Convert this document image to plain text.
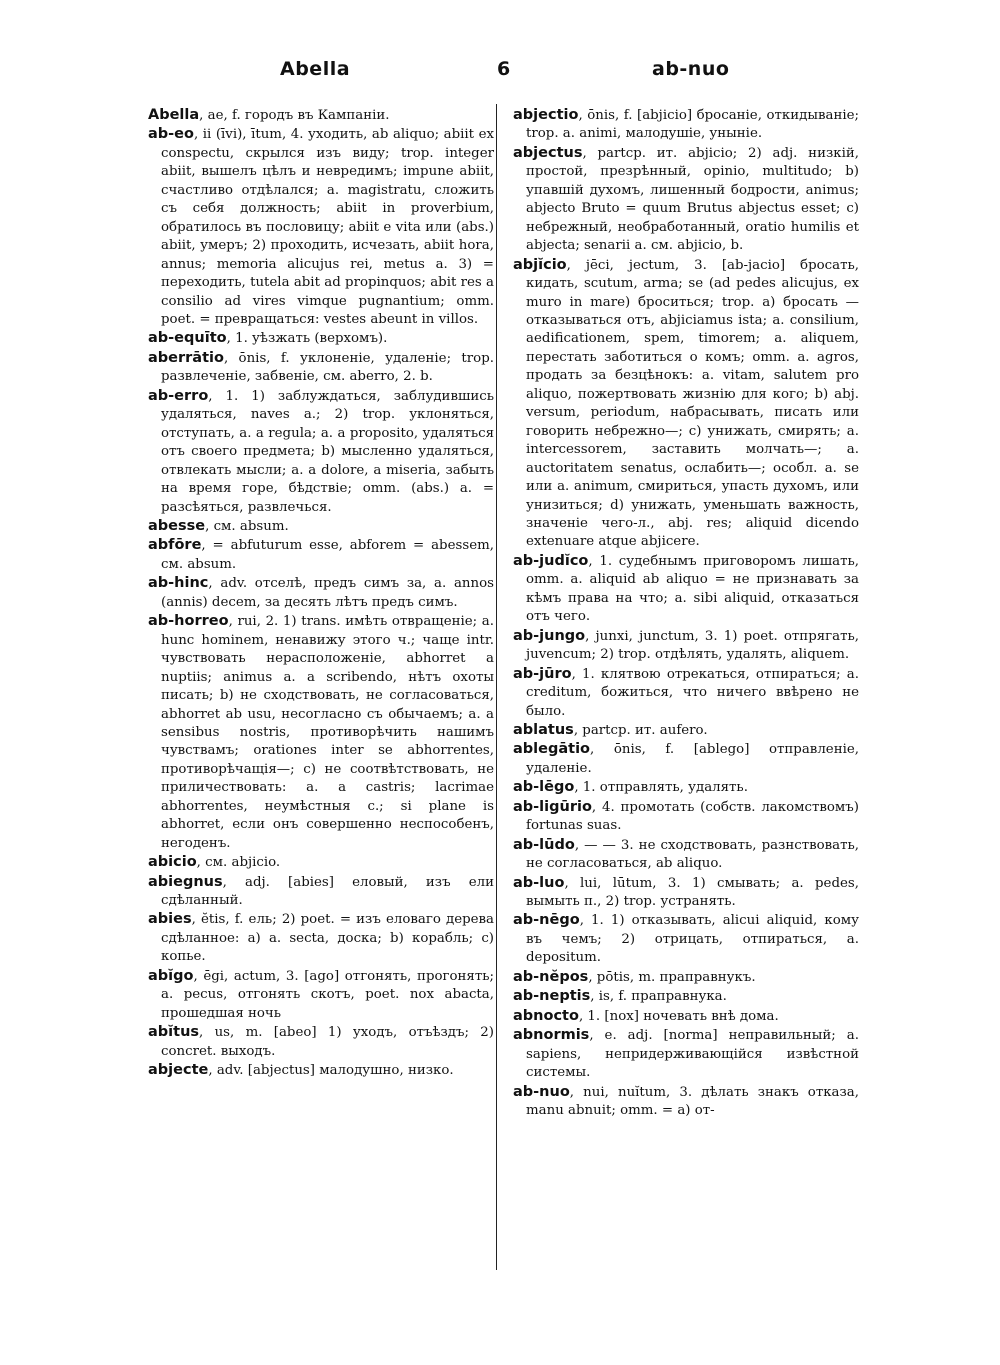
Abella	6	ab-nuo

Abella, ae, f. городъ въ Кампаніи.

ab-eo, ii (īvi), ītum, 4. уходить, ab aliquo; abiit ex conspectu, скрылся изъ виду; trop. integer abiit, вышелъ цѣлъ и невредимъ; impune abiit, счастливо отдѣлался; a. magistratu, сложить съ себя должность; abiit in proverbium, обратилось въ пословицу; abiit e vita или (abs.) abiit, умеръ; 2) проходить, исчезать, abiit hora, annus; memoria alicujus rei, metus a. 3) = переходить, tutela abit ad propinquos; abit res a consilio ad vires vimque pugnantium; omm. poet. = превращаться: vestes abeunt in villos.

ab-equīto, 1. уѣзжать (верхомъ).

aberrātio, ōnis, f. уклоненіе, удаленіе; trop. развлеченіе, забвеніе, см. aberro, 2. b.

ab-erro, 1. 1) заблуждаться, заблудившись удаляться, naves a.; 2) trop. уклоняться, отступать, a. a regula; a. a proposito, удаляться отъ своего предмета; b) мысленно удаляться, отвлекать мысли; a. a dolore, a miseria, забыть на время горе, бѣдствіе; omm. (abs.) a. = разсѣяться, развлечься.

abesse, см. absum.

abfōre, = abfuturum esse, abforem = abessem, см. absum.

ab-hinc, adv. отселѣ, предъ симъ за, a. annos (annis) decem, за десять лѣтъ предъ симъ.

ab-horreo, rui, 2. 1) trans. имѣть отвращеніе; a. hunc hominem, ненавижу этого ч.; чаще intr. чувствовать нерасположеніе, abhorret a nuptiis; animus a. a scribendo, нѣтъ охоты писать; b) не сходствовать, не согласоваться, abhorret ab usu, несогласно съ обычаемъ; a. a sensibus nostris, противорѣчить нашимъ чувствамъ; orationes inter se abhorrentes, противорѣчащія—; c) не соотвѣтствовать, не приличествовать: a. a castris; lacrimae abhorrentes, неумѣстныя с.; si plane is abhorret, если онъ совершенно неспособенъ, негоденъ.

abicio, см. abjicio.

abiegnus, adj. [abies] еловый, изъ ели сдѣланный.

abies, ĕtis, f. ель; 2) poet. = изъ еловаго дерева сдѣланное: a) a. secta, доска; b) корабль; c) копье.

abĭgo, ēgi, actum, 3. [ago] отгонять, прогонять; a. pecus, отгонять скотъ, poet. nox abacta, прошедшая ночь

abĭtus, us, m. [abeo] 1) уходъ, отъѣздъ; 2) concret. выходъ.

abjecte, adv. [abjectus] малодушно, низко.

abjectio, ōnis, f. [abjicio] бросаніе, откидываніе; trop. a. animi, малодушіе, уныніе.

abjectus, partcp. ит. abjicio; 2) adj. низкій, простой, презрѣнный, opinio, multitudo; b) упавшій духомъ, лишенный бодрости, animus; abjecto Bruto = quum Brutus abjectus esset; c) небрежный, необработанный, oratio humilis et abjecta; senarii a. см. abjicio, b.

abjĭcio, jēci, jectum, 3. [ab-jacio] бросать, кидать, scutum, arma; se (ad pedes alicujus, ex muro in mare) броситься; trop. a) бросать — отказываться отъ, abjiciamus ista; a. consilium, aedificationem, spem, timorem; a. aliquem, перестать заботиться о комъ; omm. a. agros, продать за безцѣнокъ: a. vitam, salutem pro aliquo, пожертвовать жизнію для кого; b) abj. versum, periodum, набрасывать, писать или говорить небрежно—; c) унижать, смирять; a. intercessorem, заставить молчать—; a. auctoritatem senatus, ослабить—; особл. a. se или a. animum, смириться, упасть духомъ, или унизиться; d) унижать, уменьшать важность, значеніе чего-л., abj. res; aliquid dicendo extenuare atque abjicere.

ab-judĭco, 1. судебнымъ приговоромъ лишать, omm. a. aliquid ab aliquo = не признавать за кѣмъ права на что; a. sibi aliquid, отказаться отъ чего.

ab-jungo, junxi, junctum, 3. 1) poet. отпрягать, juvencum; 2) trop. отдѣлять, удалять, aliquem.

ab-jūro, 1. клятвою отрекаться, отпираться; a. creditum, божиться, что ничего ввѣрено не было.

ablatus, partcp. ит. aufero.

ablegātio, ōnis, f. [ablego] отправленіе, удаленіе.

ab-lēgo, 1. отправлять, удалять.

ab-ligūrio, 4. промотать (собств. лакомствомъ) fortunas suas.

ab-lūdo, — — 3. не сходствовать, разнствовать, не согласоваться, ab aliquo.

ab-luo, lui, lūtum, 3. 1) смывать; a. pedes, вымыть п., 2) trop. устранять.

ab-nēgo, 1. 1) отказывать, alicui aliquid, кому въ чемъ; 2) отрицать, отпираться, a. depositum.

ab-nĕpos, pōtis, m. праправнукъ.

ab-neptis, is, f. праправнука.

abnocto, 1. [nox] ночевать внѣ дома.

abnormis, e. adj. [norma] неправильный; a. sapiens, непридерживающійся извѣстной системы.

ab-nuo, nui, nuĭtum, 3. дѣлать знакъ отказа, manu abnuit; omm. = a) от-
